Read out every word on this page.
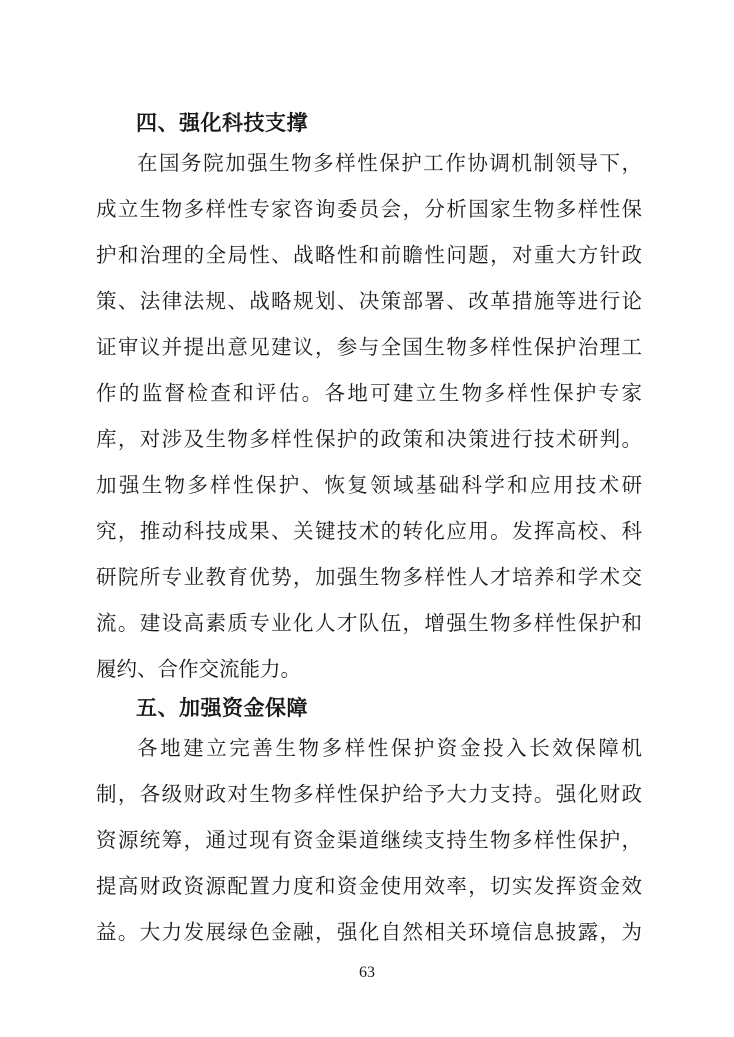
四、强化科技支撑
在国务院加强生物多样性保护工作协调机制领导下，
成立生物多样性专家咨询委员会，分析国家生物多样性保
护和治理的全局性、战略性和前瞻性问题，对重大方针政
策、法律法规、战略规划、决策部署、改革措施等进行论
证审议并提出意见建议，参与全国生物多样性保护治理工
作的监督检查和评估。各地可建立生物多样性保护专家
库，对涉及生物多样性保护的政策和决策进行技术研判。
加强生物多样性保护、恢复领域基础科学和应用技术研
究，推动科技成果、关键技术的转化应用。发挥高校、科
研院所专业教育优势，加强生物多样性人才培养和学术交
流。建设高素质专业化人才队伍，增强生物多样性保护和
履约、合作交流能力。
五、加强资金保障
各地建立完善生物多样性保护资金投入长效保障机
制，各级财政对生物多样性保护给予大力支持。强化财政
资源统筹，通过现有资金渠道继续支持生物多样性保护，
提高财政资源配置力度和资金使用效率，切实发挥资金效
益。大力发展绿色金融，强化自然相关环境信息披露，为
63
